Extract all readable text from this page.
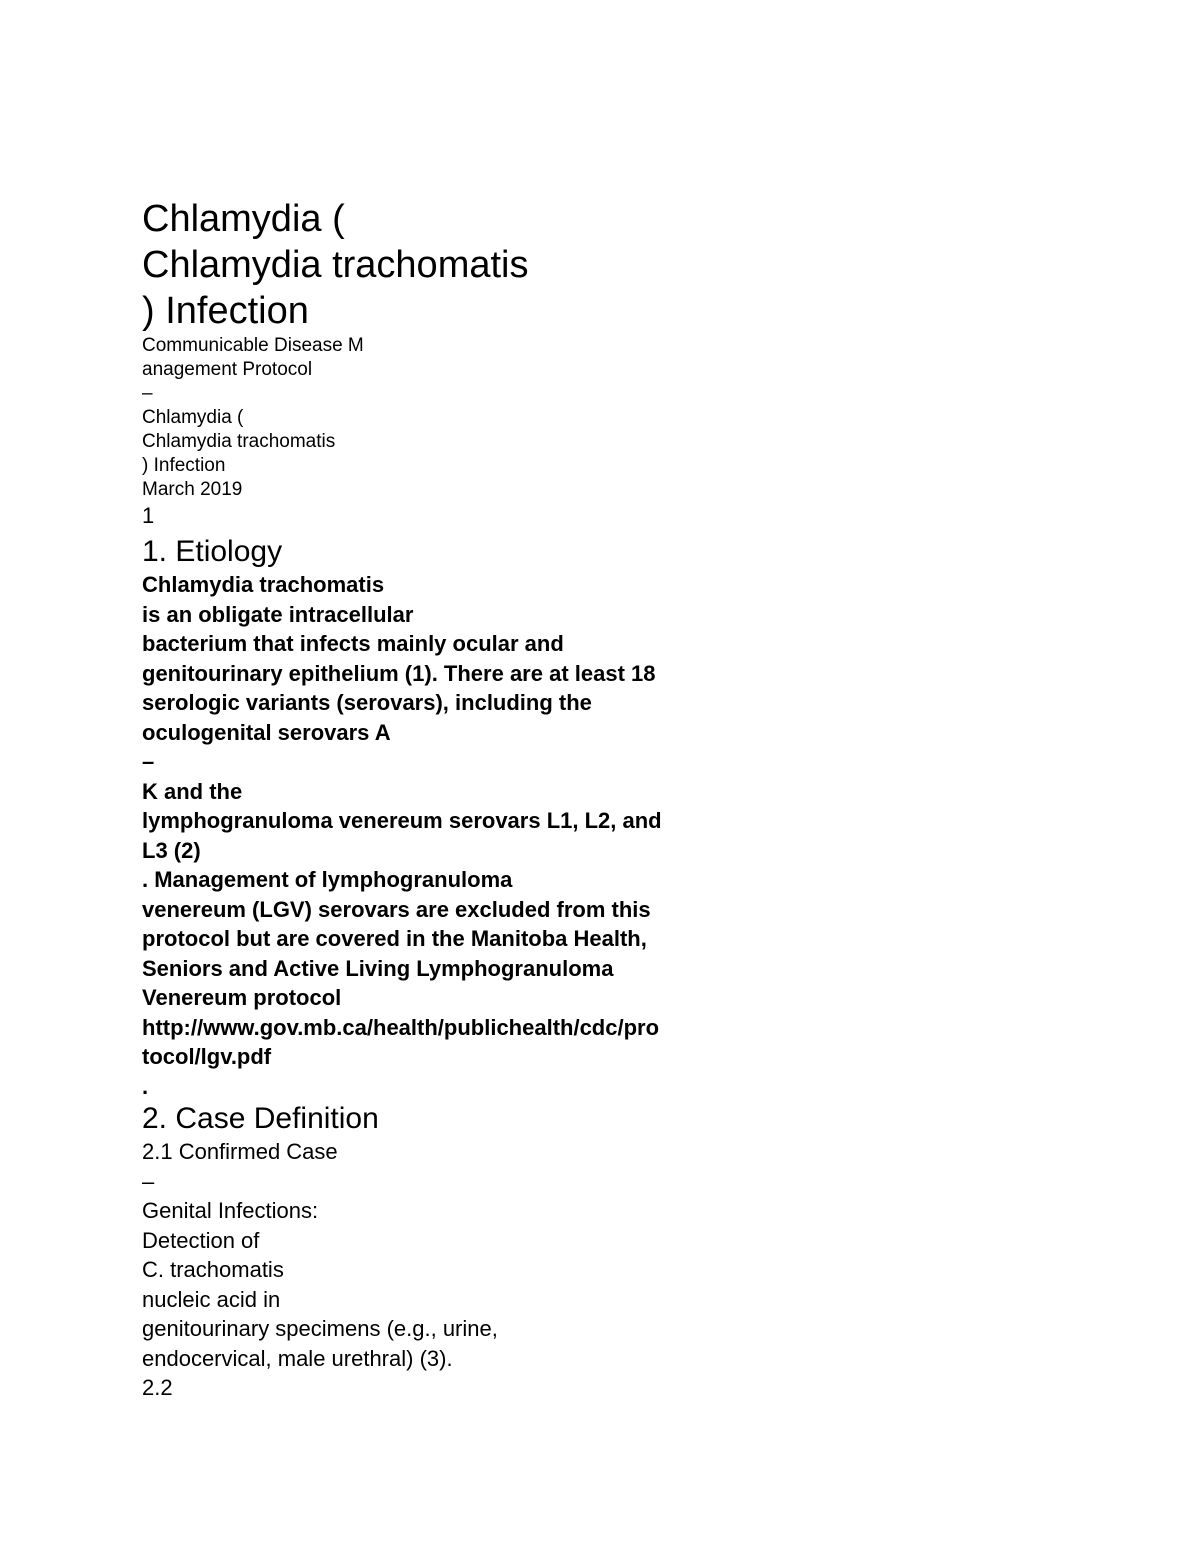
Chlamydia (
Chlamydia trachomatis
) Infection
Communicable Disease M
anagement Protocol
–
Chlamydia (
Chlamydia trachomatis
) Infection
March 2019
1
1. Etiology
Chlamydia trachomatis
is an obligate intracellular
bacterium that infects mainly ocular and
genitourinary epithelium (1). There are at least 18
serologic variants (serovars), including the
oculogenital serovars A
–
K and the
lymphogranuloma venereum serovars L1, L2, and
L3 (2)
. Management of lymphogranuloma
venereum (LGV) serovars are excluded from this
protocol but are covered in the Manitoba Health,
Seniors and Active Living Lymphogranuloma
Venereum protocol
http://www.gov.mb.ca/health/publichealth/cdc/pro
tocol/lgv.pdf
.
2. Case Definition
2.1 Confirmed Case
–
Genital Infections:
Detection of
C. trachomatis
nucleic acid in
genitourinary specimens (e.g., urine,
endocervical, male urethral) (3).
2.2
